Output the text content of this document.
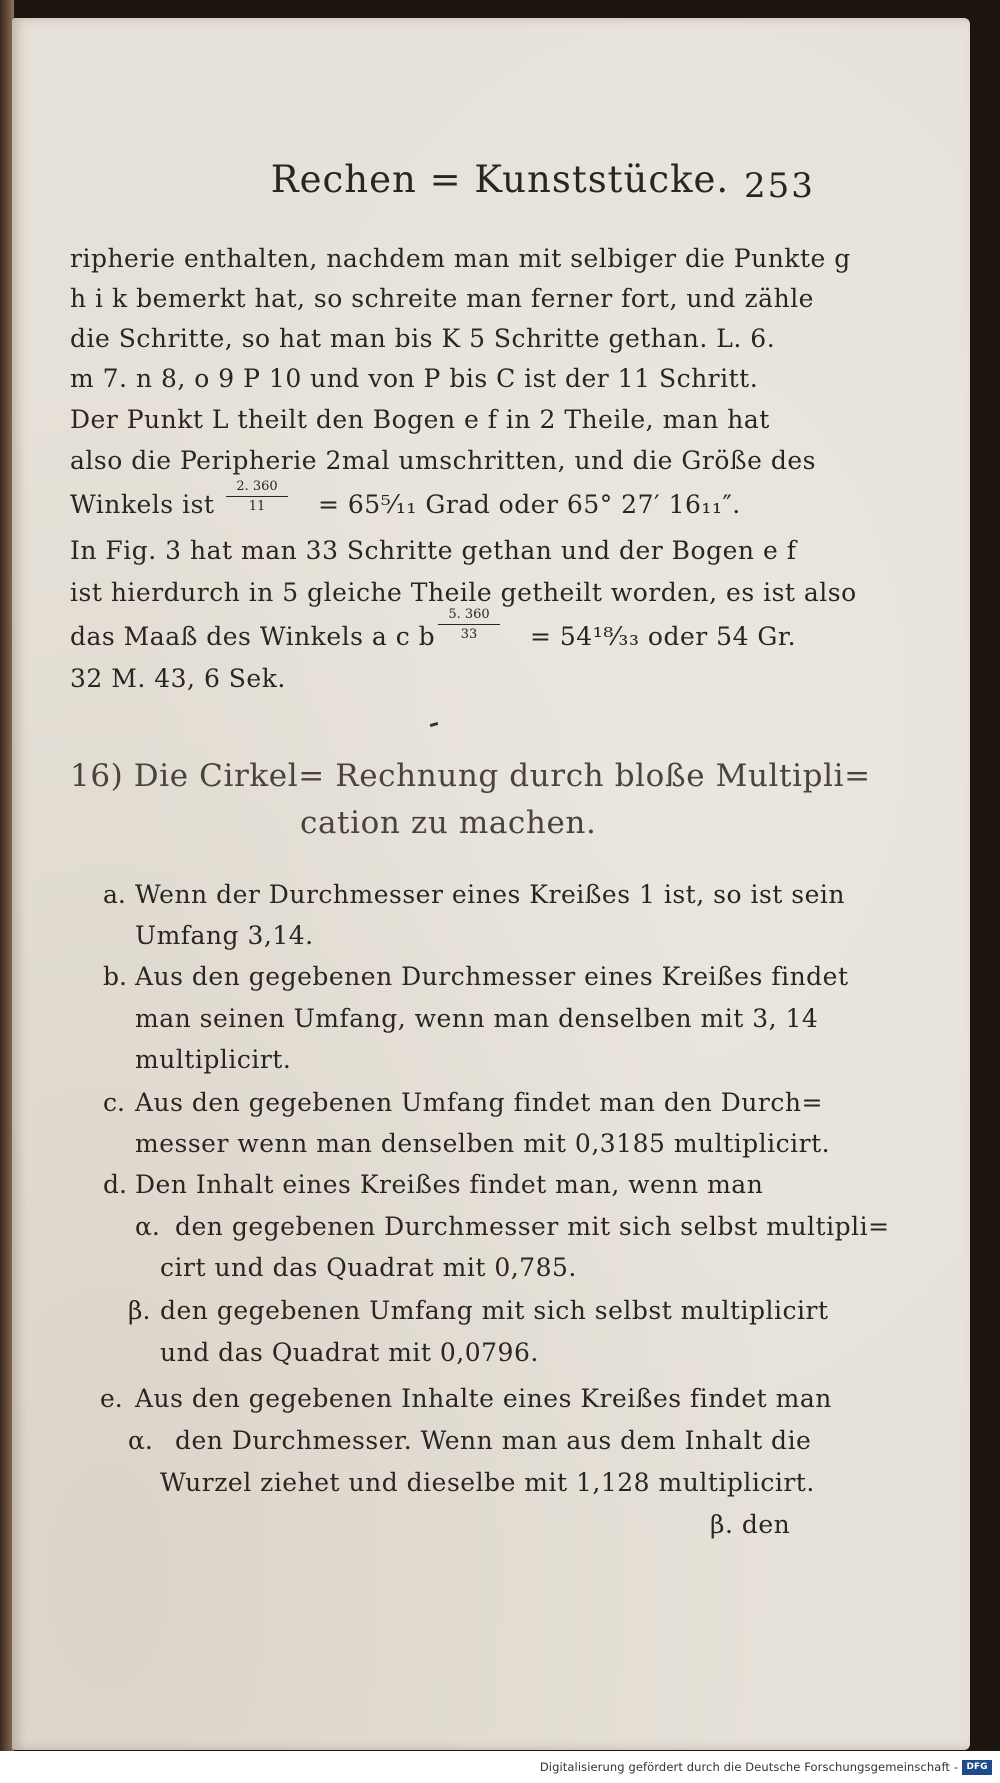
Rechen = Kunststücke. 253
ripherie enthalten, nachdem man mit selbiger die Punkte g
h i k bemerkt hat, so schreite man ferner fort, und zähle
die Schritte, so hat man bis K 5 Schritte gethan. L. 6.
m 7. n 8, o 9 P 10 und von P bis C ist der 11 Schritt.
Der Punkt L theilt den Bogen e f in 2 Theile, man hat
also die Peripherie 2mal umschritten, und die Größe des
Winkels ist
2. 360
11 = 65⁵⁄₁₁ Grad oder 65° 27′ 16₁₁″.
In Fig. 3 hat man 33 Schritte gethan und der Bogen e f
ist hierdurch in 5 gleiche Theile getheilt worden, es ist also
das Maaß des Winkels a c b
5. 360
33 = 54¹⁸⁄₃₃ oder 54 Gr.
32 M. 43, 6 Sek.
16) Die Cirkel= Rechnung durch bloße Multipli=
cation zu machen.
a. Wenn der Durchmesser eines Kreißes 1 ist, so ist sein
Umfang 3,14.
b. Aus den gegebenen Durchmesser eines Kreißes findet
man seinen Umfang, wenn man denselben mit 3, 14
multiplicirt.
c. Aus den gegebenen Umfang findet man den Durch=
messer wenn man denselben mit 0,3185 multiplicirt.
d. Den Inhalt eines Kreißes findet man, wenn man
α. den gegebenen Durchmesser mit sich selbst multipli=
cirt und das Quadrat mit 0,785.
β. den gegebenen Umfang mit sich selbst multiplicirt
und das Quadrat mit 0,0796.
e. Aus den gegebenen Inhalte eines Kreißes findet man
α. den Durchmesser. Wenn man aus dem Inhalt die
Wurzel ziehet und dieselbe mit 1,128 multiplicirt.
β. den
Digitalisierung gefördert durch die Deutsche Forschungsgemeinschaft - DFG
